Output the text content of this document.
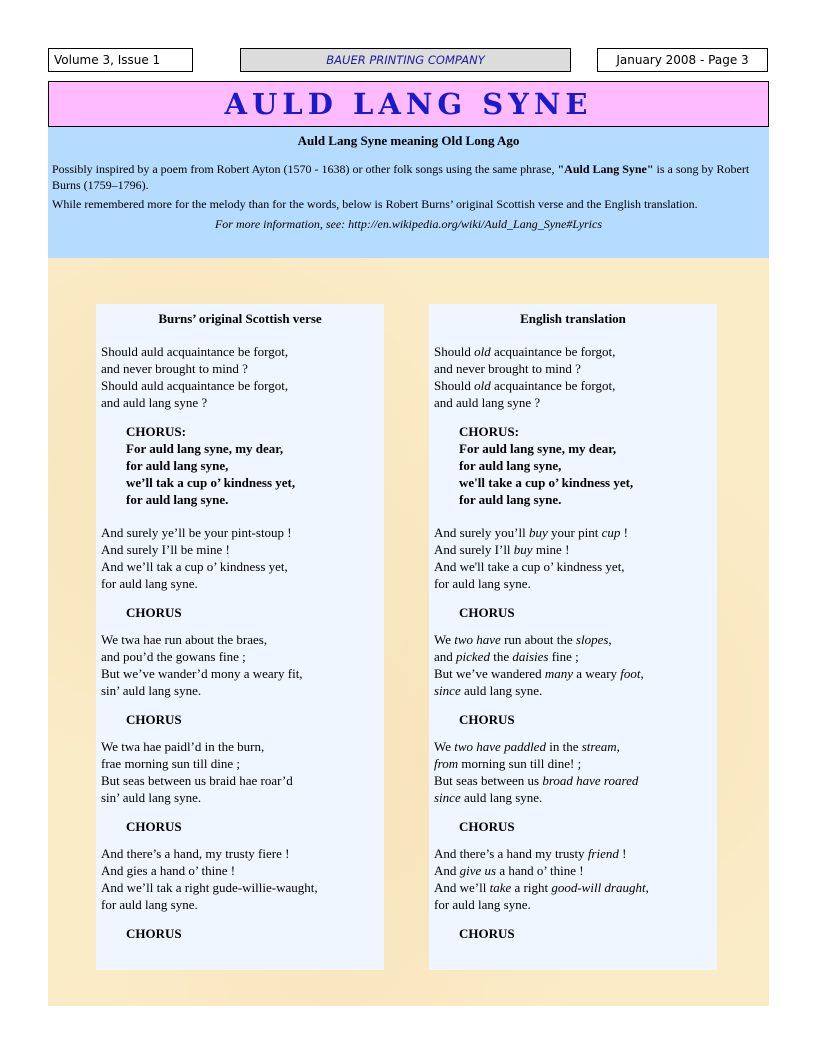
Volume 3, Issue 1	BAUER PRINTING COMPANY	January 2008 - Page 3
AULD LANG SYNE
Auld Lang Syne meaning Old Long Ago

Possibly inspired by a poem from Robert Ayton (1570 - 1638) or other folk songs using the same phrase, "Auld Lang Syne" is a song by Robert Burns (1759–1796).

While remembered more for the melody than for the words, below is Robert Burns’ original Scottish verse and the English translation.

For more information, see: http://en.wikipedia.org/wiki/Auld_Lang_Syne#Lyrics

Burns’ original Scottish verse
Should auld acquaintance be forgot,
and never brought to mind ?
Should auld acquaintance be forgot,
and auld lang syne ?
CHORUS:
For auld lang syne, my dear,
for auld lang syne,
we’ll tak a cup o’ kindness yet,
for auld lang syne.
And surely ye’ll be your pint-stoup !
And surely I’ll be mine !
And we’ll tak a cup o’ kindness yet,
for auld lang syne.
CHORUS
We twa hae run about the braes,
and pou’d the gowans fine ;
But we’ve wander’d mony a weary fit,
sin’ auld lang syne.
CHORUS
We twa hae paidl’d in the burn,
frae morning sun till dine ;
But seas between us braid hae roar’d
sin’ auld lang syne.
CHORUS
And there’s a hand, my trusty fiere !
And gies a hand o’ thine !
And we’ll tak a right gude-willie-waught,
for auld lang syne.
CHORUS
English translation
Should old acquaintance be forgot,
and never brought to mind ?
Should old acquaintance be forgot,
and auld lang syne ?
CHORUS:
For auld lang syne, my dear,
for auld lang syne,
we'll take a cup o’ kindness yet,
for auld lang syne.
And surely you’ll buy your pint cup !
And surely I’ll buy mine !
And we'll take a cup o’ kindness yet,
for auld lang syne.
CHORUS
We two have run about the slopes,
and picked the daisies fine ;
But we’ve wandered many a weary foot,
since auld lang syne.
CHORUS
We two have paddled in the stream,
from morning sun till dine! ;
But seas between us broad have roared
since auld lang syne.
CHORUS
And there’s a hand my trusty friend !
And give us a hand o’ thine !
And we’ll take a right good-will draught,
for auld lang syne.
CHORUS
